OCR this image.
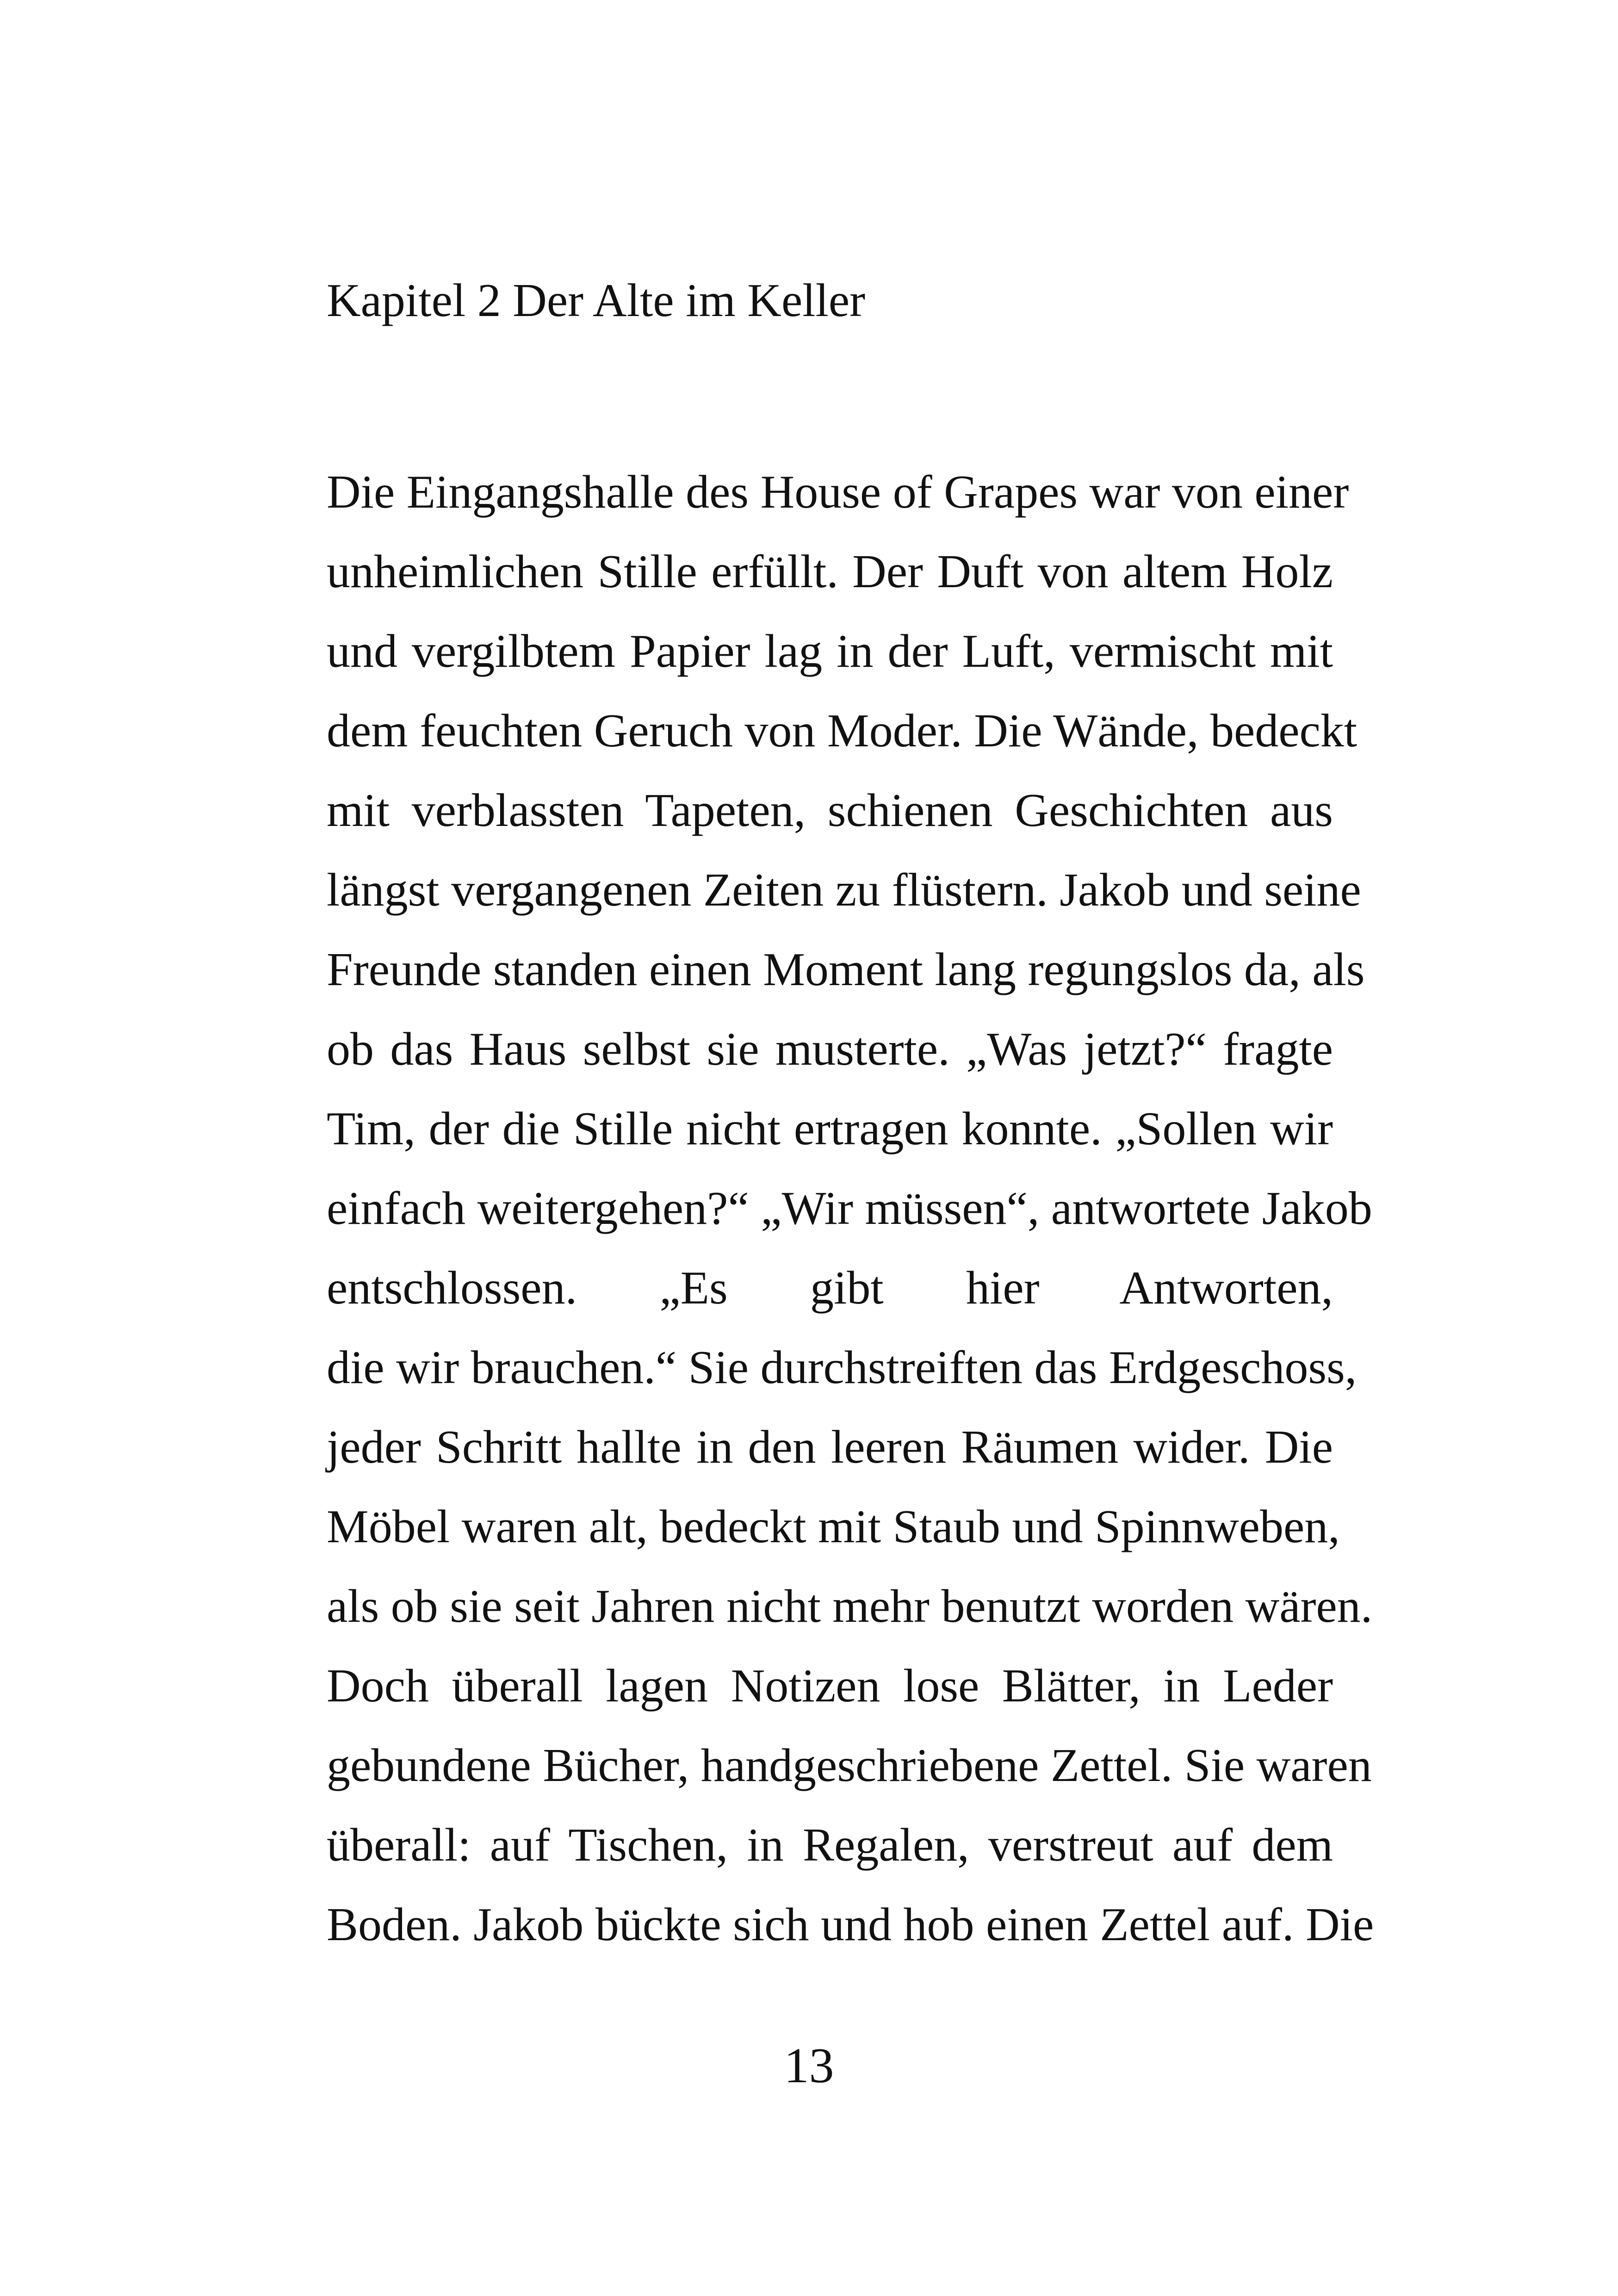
Kapitel 2 Der Alte im Keller
Die Eingangshalle des House of Grapes war von einer
unheimlichen Stille erfüllt. Der Duft von altem Holz
und vergilbtem Papier lag in der Luft, vermischt mit
dem feuchten Geruch von Moder. Die Wände, bedeckt
mit verblassten Tapeten, schienen Geschichten aus
längst vergangenen Zeiten zu flüstern. Jakob und seine
Freunde standen einen Moment lang regungslos da, als
ob das Haus selbst sie musterte. „Was jetzt?“ fragte
Tim, der die Stille nicht ertragen konnte. „Sollen wir
einfach weitergehen?“ „Wir müssen“, antwortete Jakob
entschlossen. „Es gibt hier Antworten,
die wir brauchen.“ Sie durchstreiften das Erdgeschoss,
jeder Schritt hallte in den leeren Räumen wider. Die
Möbel waren alt, bedeckt mit Staub und Spinnweben,
als ob sie seit Jahren nicht mehr benutzt worden wären.
Doch überall lagen Notizen lose Blätter, in Leder
gebundene Bücher, handgeschriebene Zettel. Sie waren
überall: auf Tischen, in Regalen, verstreut auf dem
Boden. Jakob bückte sich und hob einen Zettel auf. Die
13
